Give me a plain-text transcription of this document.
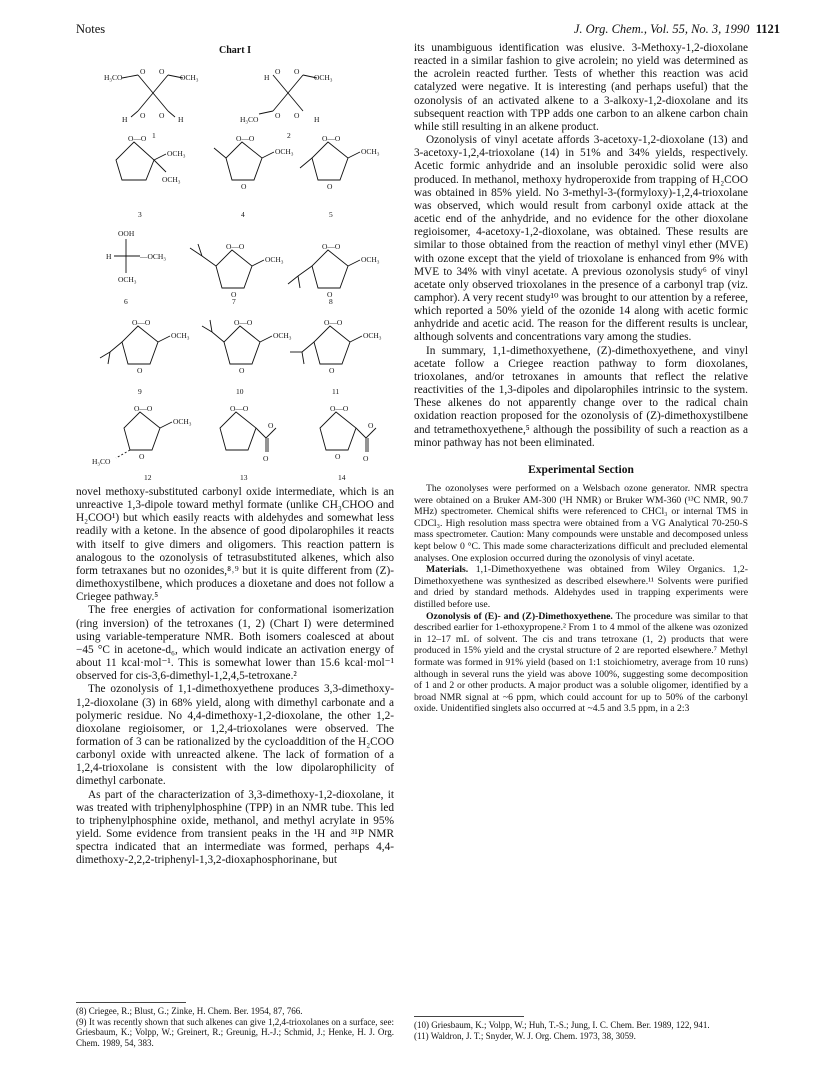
Notes	J. Org. Chem., Vol. 55, No. 3, 1990 1121
Chart I
H₃CO
O O
OCH₃
H O O H
1
H
O O
OCH₃
H₃CO O O H
2
O—O
OCH₃
OCH₃
3
O—O
OCH₃
O
4
O—O
OCH₃
O
5
OOH
H	—OCH₃
OCH₃
6
O—O
OCH₃
O
7
O—O
OCH₃
O
8
O—O
OCH₃
O
9
O—O
OCH₃
O
10
O—O
OCH₃
O
11
O—O
OCH₃
O
H₃CO
12
O—O
O
O
13
O—O
O
O	O
14

novel methoxy-substituted carbonyl oxide intermediate, which is an unreactive 1,3-dipole toward methyl formate (unlike CH₃CHOO and H₂COO¹) but which easily reacts with aldehydes and somewhat less readily with a ketone. In the absence of good dipolarophiles it reacts with itself to give dimers and oligomers. This reaction pattern is analogous to the ozonolysis of tetrasubstituted alkenes, which also form tetraxanes but no ozonides,⁸˒⁹ but it is quite different from (Z)-dimethoxystilbene, which produces a dioxetane and does not follow a Criegee pathway.⁵

The free energies of activation for conformational isomerization (ring inversion) of the tetroxanes (1, 2) (Chart I) were determined using variable-temperature NMR. Both isomers coalesced at about −45 °C in acetone-d₆, which would indicate an activation energy of about 11 kcal·mol⁻¹. This is somewhat lower than 15.6 kcal·mol⁻¹ observed for cis-3,6-dimethyl-1,2,4,5-tetroxane.²

The ozonolysis of 1,1-dimethoxyethene produces 3,3-dimethoxy-1,2-dioxolane (3) in 68% yield, along with dimethyl carbonate and a polymeric residue. No 4,4-dimethoxy-1,2-dioxolane, the other 1,2-dioxolane regioisomer, or 1,2,4-trioxolanes were observed. The formation of 3 can be rationalized by the cycloaddition of the H₂COO carbonyl oxide with unreacted alkene. The lack of formation of a 1,2,4-trioxolane is consistent with the low dipolarophilicity of dimethyl carbonate.

As part of the characterization of 3,3-dimethoxy-1,2-dioxolane, it was treated with triphenylphosphine (TPP) in an NMR tube. This led to triphenylphosphine oxide, methanol, and methyl acrylate in 95% yield. Some evidence from transient peaks in the ¹H and ³¹P NMR spectra indicated that an intermediate was formed, perhaps 4,4-dimethoxy-2,2,2-triphenyl-1,3,2-dioxaphosphorinane, but

its unambiguous identification was elusive. 3-Methoxy-1,2-dioxolane reacted in a similar fashion to give acrolein; no yield was determined as the acrolein reacted further. Tests of whether this reaction was acid catalyzed were negative. It is interesting (and perhaps useful) that the ozonolysis of an activated alkene to a 3-alkoxy-1,2-dioxolane and its subsequent reaction with TPP adds one carbon to an alkene carbon chain while still resulting in an alkene product.

Ozonolysis of vinyl acetate affords 3-acetoxy-1,2-dioxolane (13) and 3-acetoxy-1,2,4-trioxolane (14) in 51% and 34% yields, respectively. Acetic formic anhydride and an insoluble peroxidic solid were also produced. In methanol, methoxy hydroperoxide from trapping of H₂COO was obtained in 85% yield. No 3-methyl-3-(formyloxy)-1,2,4-trioxolane was observed, which would result from carbonyl oxide attack at the acetic end of the anhydride, and no evidence for the other dioxolane regioisomer, 4-acetoxy-1,2-dioxolane, was obtained. These results are similar to those obtained from the reaction of methyl vinyl ether (MVE) with ozone except that the yield of trioxolane is enhanced from 9% with MVE to 34% with vinyl acetate. A previous ozonolysis study⁶ of vinyl acetate only observed trioxolanes in the presence of a carbonyl trap (viz. camphor). A very recent study¹⁰ was brought to our attention by a referee, which reported a 50% yield of the ozonide 14 along with acetic formic anhydride and acetic acid. The reason for the different results is unclear, although solvents and concentrations vary among the studies.

In summary, 1,1-dimethoxyethene, (Z)-dimethoxyethene, and vinyl acetate follow a Criegee reaction pathway to form dioxolanes, trioxolanes, and/or tetroxanes in amounts that reflect the relative reactivities of the 1,3-dipoles and dipolarophiles intrinsic to the system. These alkenes do not apparently change over to the radical chain oxidation reaction proposed for the ozonolysis of (Z)-dimethoxystilbene and tetramethoxyethene,⁵ although the possibility of such a reaction as a minor pathway has not been eliminated.

Experimental Section

The ozonolyses were performed on a Welsbach ozone generator. NMR spectra were obtained on a Bruker AM-300 (¹H NMR) or Bruker WM-360 (¹³C NMR, 90.7 MHz) spectrometer. Chemical shifts were referenced to CHCl₃ or internal TMS in CDCl₃. High resolution mass spectra were obtained from a VG Analytical 70-250-S mass spectrometer. Caution: Many compounds were unstable and decomposed unless kept below 0 °C. This made some characterizations difficult and precluded elemental analyses. One explosion occurred during the ozonolysis of vinyl acetate.

Materials. 1,1-Dimethoxyethene was obtained from Wiley Organics. 1,2-Dimethoxyethene was synthesized as described elsewhere.¹¹ Solvents were purified and dried by standard methods. Aldehydes used in trapping experiments were distilled before use.

Ozonolysis of (E)- and (Z)-Dimethoxyethene. The procedure was similar to that described earlier for 1-ethoxypropene.² From 1 to 4 mmol of the alkene was ozonized in 12–17 mL of solvent. The cis and trans tetroxane (1, 2) products that were produced in 15% yield and the crystal structure of 2 are reported elsewhere.⁷ Methyl formate was formed in 91% yield (based on 1:1 stoichiometry, average from 10 runs) although in several runs the yield was above 100%, suggesting some decomposition of 1 and 2 or other products. A major product was a soluble oligomer, identified by a broad NMR signal at ~6 ppm, which could account for up to 50% of the carbonyl oxide. Unidentified singlets also occurred at ~4.5 and 3.5 ppm, in a 2:3

(8) Criegee, R.; Blust, G.; Zinke, H. Chem. Ber. 1954, 87, 766.

(9) It was recently shown that such alkenes can give 1,2,4-trioxolanes on a surface, see: Griesbaum, K.; Volpp, W.; Greinert, R.; Greunig, H.-J.; Schmid, J.; Henke, H. J. Org. Chem. 1989, 54, 383.

(10) Griesbaum, K.; Volpp, W.; Huh, T.-S.; Jung, I. C. Chem. Ber. 1989, 122, 941.

(11) Waldron, J. T.; Snyder, W. J. Org. Chem. 1973, 38, 3059.
